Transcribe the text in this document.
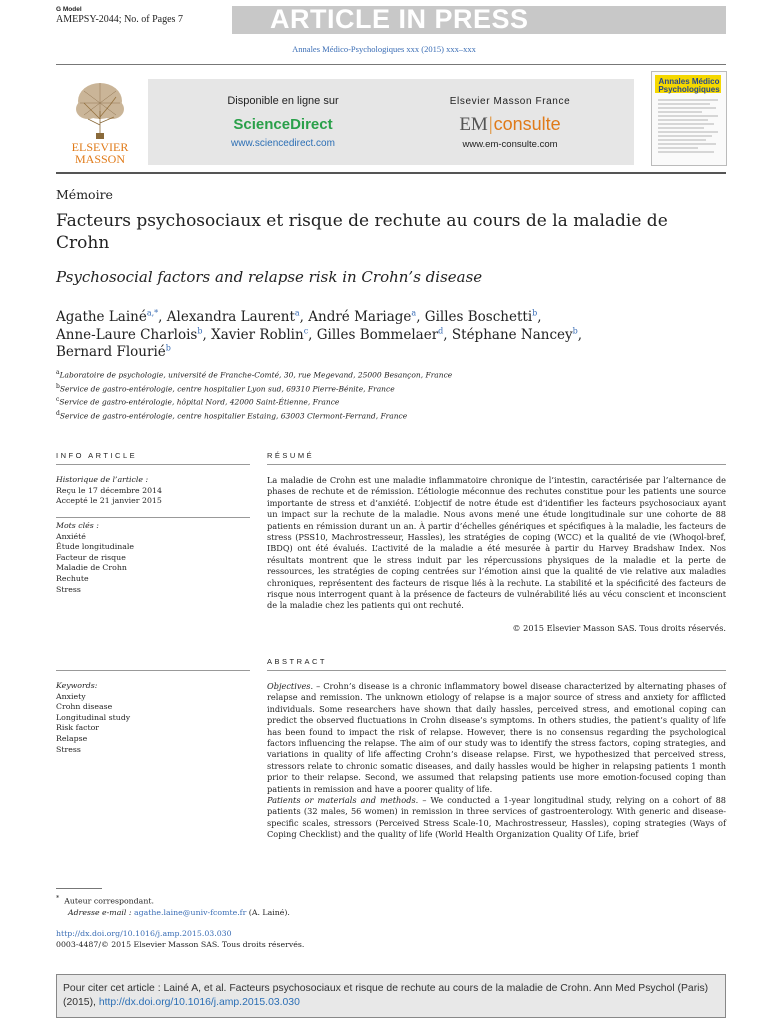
G Model
AMEPSY-2044; No. of Pages 7	ARTICLE IN PRESS
Annales Médico-Psychologiques xxx (2015) xxx–xxx
ELSEVIER
MASSON
Disponible en ligne sur
ScienceDirect
www.sciencedirect.com
Elsevier Masson France
EM|consulte
www.em-consulte.com
Annales Médico Psychologiques
Mémoire
Facteurs psychosociaux et risque de rechute au cours de la maladie de Crohn
Psychosocial factors and relapse risk in Crohn’s disease
Agathe Lainé$^{a,*}$, Alexandra Laurent$^a$, André Mariage$^a$, Gilles Boschetti$^b$,
Anne-Laure Charlois$^b$, Xavier Roblin$^c$, Gilles Bommelaer$^d$, Stéphane Nancey$^b$,
Bernard Flourié$^b$
$^a$Laboratoire de psychologie, université de Franche-Comté, 30, rue Megevand, 25000 Besançon, France
$^b$Service de gastro-entérologie, centre hospitalier Lyon sud, 69310 Pierre-Bénite, France
$^c$Service de gastro-entérologie, hôpital Nord, 42000 Saint-Étienne, France
$^d$Service de gastro-entérologie, centre hospitalier Estaing, 63003 Clermont-Ferrand, France
INFO ARTICLE	RÉSUMÉ
Historique de l’article :
Reçu le 17 décembre 2014
Accepté le 21 janvier 2015
Mots clés :
Anxiété
Étude longitudinale
Facteur de risque
Maladie de Crohn
Rechute
Stress
La maladie de Crohn est une maladie inflammatoire chronique de l’intestin, caractérisée par l’alternance de phases de rechute et de rémission. L’étiologie méconnue des rechutes constitue pour les patients une source importante de stress et d’anxiété. L’objectif de notre étude est d’identifier les facteurs psychosociaux ayant un impact sur la rechute de la maladie. Nous avons mené une étude longitudinale sur une cohorte de 88 patients en rémission durant un an. À partir d’échelles génériques et spécifiques à la maladie, les facteurs de stress (PSS10, Machrostresseur, Hassles), les stratégies de coping (WCC) et la qualité de vie (Whoqol-bref, IBDQ) ont été évalués. L’activité de la maladie a été mesurée à partir du Harvey Bradshaw Index. Nos résultats montrent que le stress induit par les répercussions physiques de la maladie et la perte de ressources, les stratégies de coping centrées sur l’émotion ainsi que la qualité de vie relative aux maladies chroniques, représentent des facteurs de risque liés à la rechute. La stabilité et la spécificité des facteurs de risque nous interrogent quant à la présence de facteurs de vulnérabilité liés au vécu conscient et inconscient de la maladie chez les patients qui ont rechuté.
© 2015 Elsevier Masson SAS. Tous droits réservés.
ABSTRACT
Keywords:
Anxiety
Crohn disease
Longitudinal study
Risk factor
Relapse
Stress
Objectives. – Crohn’s disease is a chronic inflammatory bowel disease characterized by alternating phases of relapse and remission. The unknown etiology of relapse is a major source of stress and anxiety for afflicted individuals. Some researchers have shown that daily hassles, perceived stress, and emotional coping can predict the observed fluctuations in Crohn disease’s symptoms. In others studies, the patient’s quality of life has been found to impact the risk of relapse. However, there is no consensus regarding the psychological factors influencing the relapse. The aim of our study was to identify the stress factors, coping strategies, and variations in quality of life affecting Crohn’s disease relapse. First, we hypothesized that perceived stress, stressors relate to chronic somatic diseases, and daily hassles would be higher in relapsing patients 1 month prior to their relapse. Second, we assumed that relapsing patients use more emotion-focused coping than patients in remission and have a poorer quality of life.
Patients or materials and methods. – We conducted a 1-year longitudinal study, relying on a cohort of 88 patients (32 males, 56 women) in remission in three services of gastroenterology. With generic and disease-specific scales, stressors (Perceived Stress Scale-10, Machrostresseur, Hassles), coping strategies (Ways of Coping Checklist) and the quality of life (World Health Organization Quality Of Life, brief
* Auteur correspondant.
Adresse e-mail : agathe.laine@univ-fcomte.fr (A. Lainé).
http://dx.doi.org/10.1016/j.amp.2015.03.030
0003-4487/© 2015 Elsevier Masson SAS. Tous droits réservés.
Pour citer cet article : Lainé A, et al. Facteurs psychosociaux et risque de rechute au cours de la maladie de Crohn. Ann Med Psychol (Paris) (2015), http://dx.doi.org/10.1016/j.amp.2015.03.030
